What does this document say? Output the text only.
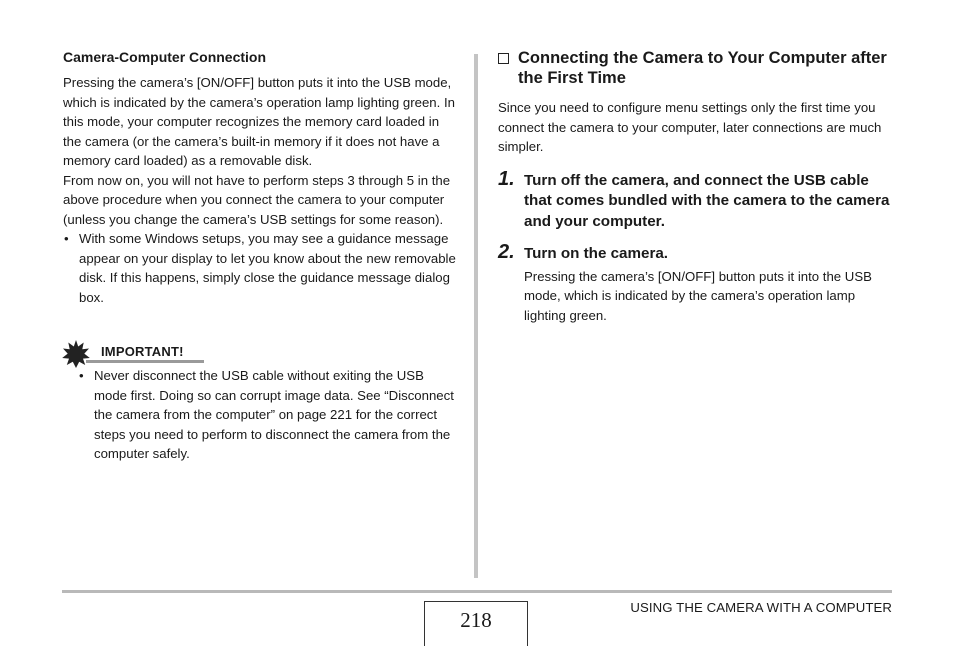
Camera-Computer Connection

Pressing the camera’s [ON/OFF] button puts it into the USB mode, which is indicated by the camera’s operation lamp lighting green. In this mode, your computer recognizes the memory card loaded in the camera (or the camera’s built-in memory if it does not have a memory card loaded) as a removable disk.

From now on, you will not have to perform steps 3 through 5 in the above procedure when you connect the camera to your computer (unless you change the camera’s USB settings for some reason).

• With some Windows setups, you may see a guidance message appear on your display to let you know about the new removable disk. If this happens, simply close the guidance message dialog box.
IMPORTANT!
• Never disconnect the USB cable without exiting the USB mode first. Doing so can corrupt image data. See “Disconnect the camera from the computer” on page 221 for the correct steps you need to perform to disconnect the camera from the computer safely.
Connecting the Camera to Your Computer after the First Time

Since you need to configure menu settings only the first time you connect the camera to your computer, later connections are much simpler.

1. Turn off the camera, and connect the USB cable that comes bundled with the camera to the camera and your computer.
2. Turn on the camera.
Pressing the camera’s [ON/OFF] button puts it into the USB mode, which is indicated by the camera’s operation lamp lighting green.
218
USING THE CAMERA WITH A COMPUTER
